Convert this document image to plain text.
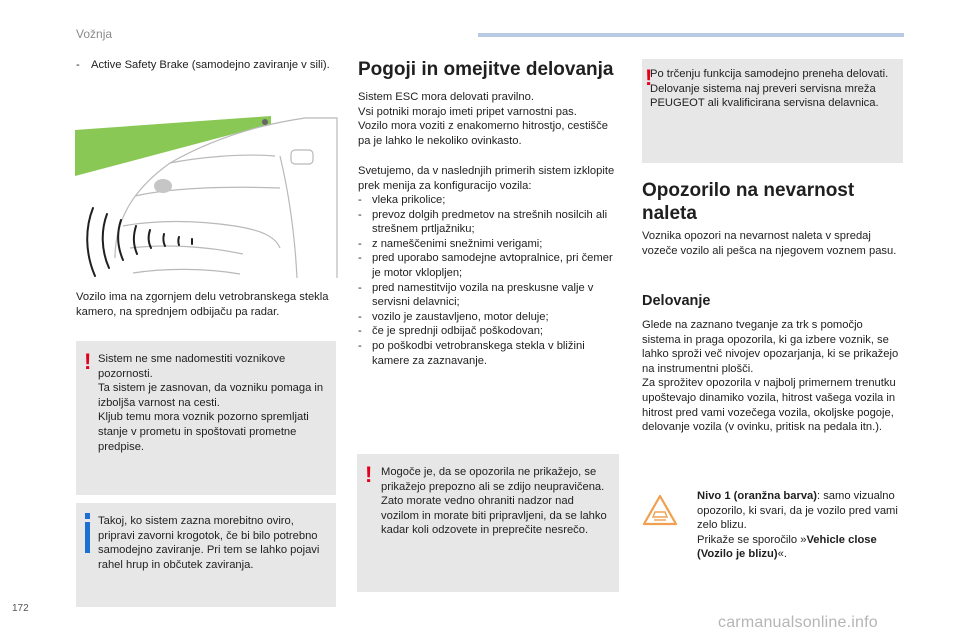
Vožnja
- Active Safety Brake (samodejno zaviranje v sili).
Vozilo ima na zgornjem delu vetrobranskega stekla kamero, na sprednjem odbijaču pa radar.
! Sistem ne sme nadomestiti voznikove pozornosti.
Ta sistem je zasnovan, da vozniku pomaga in izboljša varnost na cesti.
Kljub temu mora voznik pozorno spremljati stanje v prometu in spoštovati prometne predpise.
Takoj, ko sistem zazna morebitno oviro, pripravi zavorni krogotok, če bi bilo potrebno samodejno zaviranje. Pri tem se lahko pojavi rahel hrup in občutek zaviranja.
Pogoji in omejitve delovanja
Sistem ESC mora delovati pravilno.
Vsi potniki morajo imeti pripet varnostni pas.
Vozilo mora voziti z enakomerno hitrostjo, cestišče pa je lahko le nekoliko ovinkasto.
Svetujemo, da v naslednjih primerih sistem izklopite prek menija za konfiguracijo vozila:
- vleka prikolice;
- prevoz dolgih predmetov na strešnih nosilcih ali strešnem prtljažniku;
- z nameščenimi snežnimi verigami;
- pred uporabo samodejne avtopralnice, pri čemer je motor vklopljen;
- pred namestitvijo vozila na preskusne valje v servisni delavnici;
- vozilo je zaustavljeno, motor deluje;
- če je sprednji odbijač poškodovan;
- po poškodbi vetrobranskega stekla v bližini kamere za zaznavanje.
! Mogoče je, da se opozorila ne prikažejo, se prikažejo prepozno ali se zdijo neupravičena.
Zato morate vedno ohraniti nadzor nad vozilom in morate biti pripravljeni, da se lahko kadar koli odzovete in preprečite nesrečo.
!
Po trčenju funkcija samodejno preneha delovati. Delovanje sistema naj preveri servisna mreža PEUGEOT ali kvalificirana servisna delavnica.
Opozorilo na nevarnost naleta
Voznika opozori na nevarnost naleta v spredaj vozeče vozilo ali pešca na njegovem voznem pasu.
Delovanje
Glede na zaznano tveganje za trk s pomočjo sistema in praga opozorila, ki ga izbere voznik, se lahko sproži več nivojev opozarjanja, ki se prikažejo na instrumentni plošči.
Za sprožitev opozorila v najbolj primernem trenutku upoštevajo dinamiko vozila, hitrost vašega vozila in hitrost pred vami vozečega vozila, okoljske pogoje, delovanje vozila (v ovinku, pritisk na pedala itn.).
Nivo 1 (oranžna barva): samo vizualno opozorilo, ki svari, da je vozilo pred vami zelo blizu.
Prikaže se sporočilo »Vehicle close (Vozilo je blizu)«.
172
carmanualsonline.info
